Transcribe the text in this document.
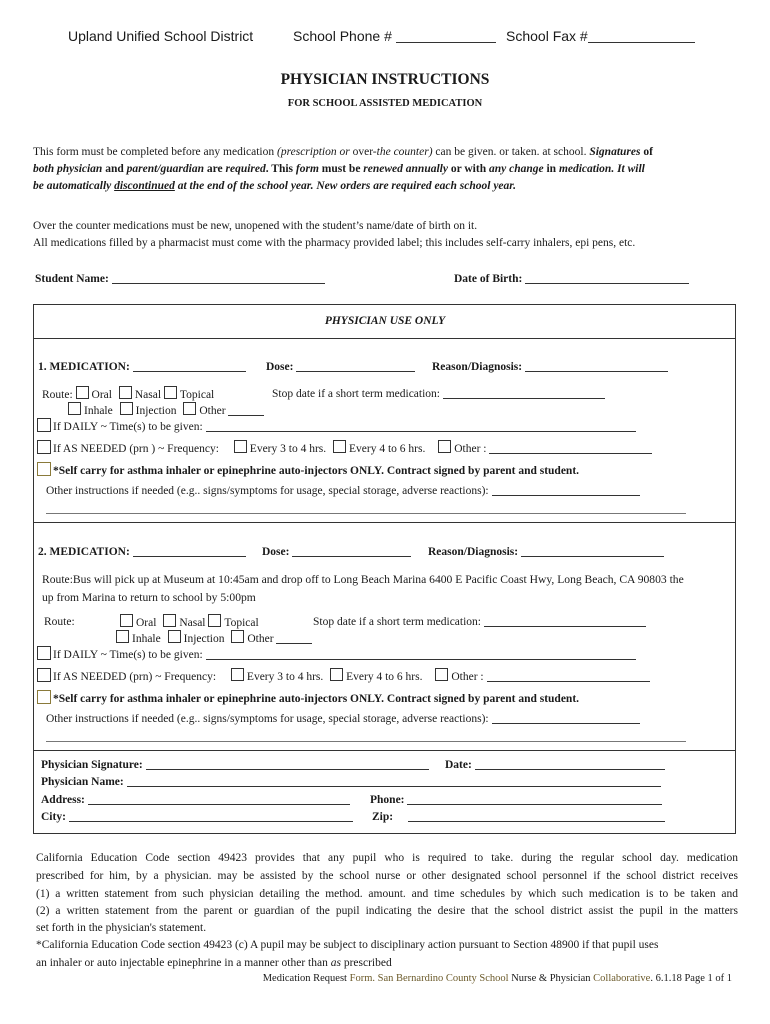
Upland Unified School District	School Phone #	School Fax #
PHYSICIAN INSTRUCTIONS
FOR SCHOOL ASSISTED MEDICATION
This form must be completed before any medication (prescription or over-the counter) can be given. or taken. at school. Signatures of
both physician and parent/guardian are required. This form must be renewed annually or with any change in medication. It will
be automatically discontinued at the end of the school year. New orders are required each school year.
Over the counter medications must be new, unopened with the student’s name/date of birth on it.
All medications filled by a pharmacist must come with the pharmacy provided label; this includes self-carry inhalers, epi pens, etc.
Student Name:	Date of Birth:
PHYSICIAN USE ONLY
1. MEDICATION:	Dose:	Reason/Diagnosis:
Route: Oral Nasal Topical	Stop date if a short term medication:
Inhale Injection Other
If DAILY ~ Time(s) to be given:
If AS NEEDED (prn ) ~ Frequency:	Every 3 to 4 hrs. Every 4 to 6 hrs.	Other :
*Self carry for asthma inhaler or epinephrine auto-injectors ONLY. Contract signed by parent and student.
Other instructions if needed (e.g.. signs/symptoms for usage, special storage, adverse reactions):
2. MEDICATION:	Dose:	Reason/Diagnosis:
Route:Bus will pick up at Museum at 10:45am and drop off to Long Beach Marina 6400 E Pacific Coast Hwy, Long Beach, CA 90803 the
up from Marina to return to school by 5:00pm
Route:	Oral Nasal Topical	Stop date if a short term medication:
Inhale Injection Other
If DAILY ~ Time(s) to be given:
If AS NEEDED (prn) ~ Frequency:	Every 3 to 4 hrs. Every 4 to 6 hrs.	Other :
*Self carry for asthma inhaler or epinephrine auto-injectors ONLY. Contract signed by parent and student.
Other instructions if needed (e.g.. signs/symptoms for usage, special storage, adverse reactions):
Physician Signature:	Date:
Physician Name:
Address:	Phone:
City:	Zip:
California Education Code section 49423 provides that any pupil who is required to take. during the regular school day. medication
prescribed for him, by a physician. may be assisted by the school nurse or other designated school personnel if the school district receives
(1) a written statement from such physician detailing the method. amount. and time schedules by which such medication is to be taken and
(2) a written statement from the parent or guardian of the pupil indicating the desire that the school district assist the pupil in the matters
set forth in the physician's statement.
*California Education Code section 49423 (c) A pupil may be subject to disciplinary action pursuant to Section 48900 if that pupil uses
an inhaler or auto injectable epinephrine in a manner other than as prescribed
Medication Request Form. San Bernardino County School Nurse & Physician Collaborative. 6.1.18 Page 1 of 1
